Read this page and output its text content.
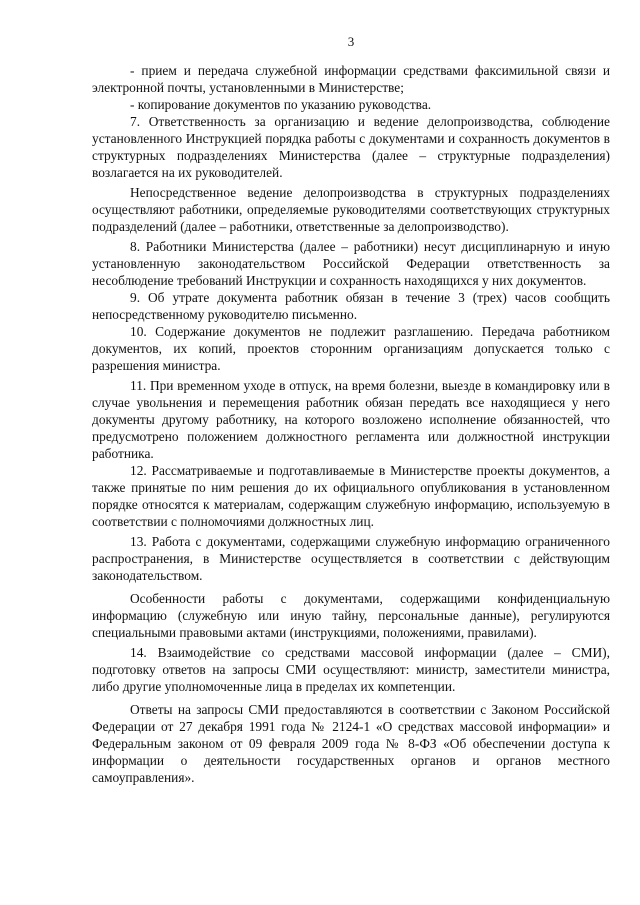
3

- прием и передача служебной информации средствами факсимильной связи и электронной почты, установленными в Министерстве;

- копирование документов по указанию руководства.

7. Ответственность за организацию и ведение делопроизводства, соблюдение установленного Инструкцией порядка работы с документами и сохранность документов в структурных подразделениях Министерства (далее – структурные подразделения) возлагается на их руководителей.

Непосредственное ведение делопроизводства в структурных подразделениях осуществляют работники, определяемые руководителями соответствующих структурных подразделений (далее – работники, ответственные за делопроизводство).

8. Работники Министерства (далее – работники) несут дисциплинарную и иную установленную законодательством Российской Федерации ответственность за несоблюдение требований Инструкции и сохранность находящихся у них документов.

9. Об утрате документа работник обязан в течение 3 (трех) часов сообщить непосредственному руководителю письменно.

10. Содержание документов не подлежит разглашению. Передача работником документов, их копий, проектов сторонним организациям допускается только с разрешения министра.

11. При временном уходе в отпуск, на время болезни, выезде в командировку или в случае увольнения и перемещения работник обязан передать все находящиеся у него документы другому работнику, на которого возложено исполнение обязанностей, что предусмотрено положением должностного регламента или должностной инструкции работника.

12. Рассматриваемые и подготавливаемые в Министерстве проекты документов, а также принятые по ним решения до их официального опубликования в установленном порядке относятся к материалам, содержащим служебную информацию, используемую в соответствии с полномочиями должностных лиц.

13. Работа с документами, содержащими служебную информацию ограниченного распространения, в Министерстве осуществляется в соответствии с действующим законодательством.

Особенности работы с документами, содержащими конфиденциальную информацию (служебную или иную тайну, персональные данные), регулируются специальными правовыми актами (инструкциями, положениями, правилами).

14. Взаимодействие со средствами массовой информации (далее – СМИ), подготовку ответов на запросы СМИ осуществляют: министр, заместители министра, либо другие уполномоченные лица в пределах их компетенции.

Ответы на запросы СМИ предоставляются в соответствии с Законом Российской Федерации от 27 декабря 1991 года № 2124-1 «О средствах массовой информации» и Федеральным законом от 09 февраля 2009 года № 8-ФЗ «Об обеспечении доступа к информации о деятельности государственных органов и органов местного самоуправления».
